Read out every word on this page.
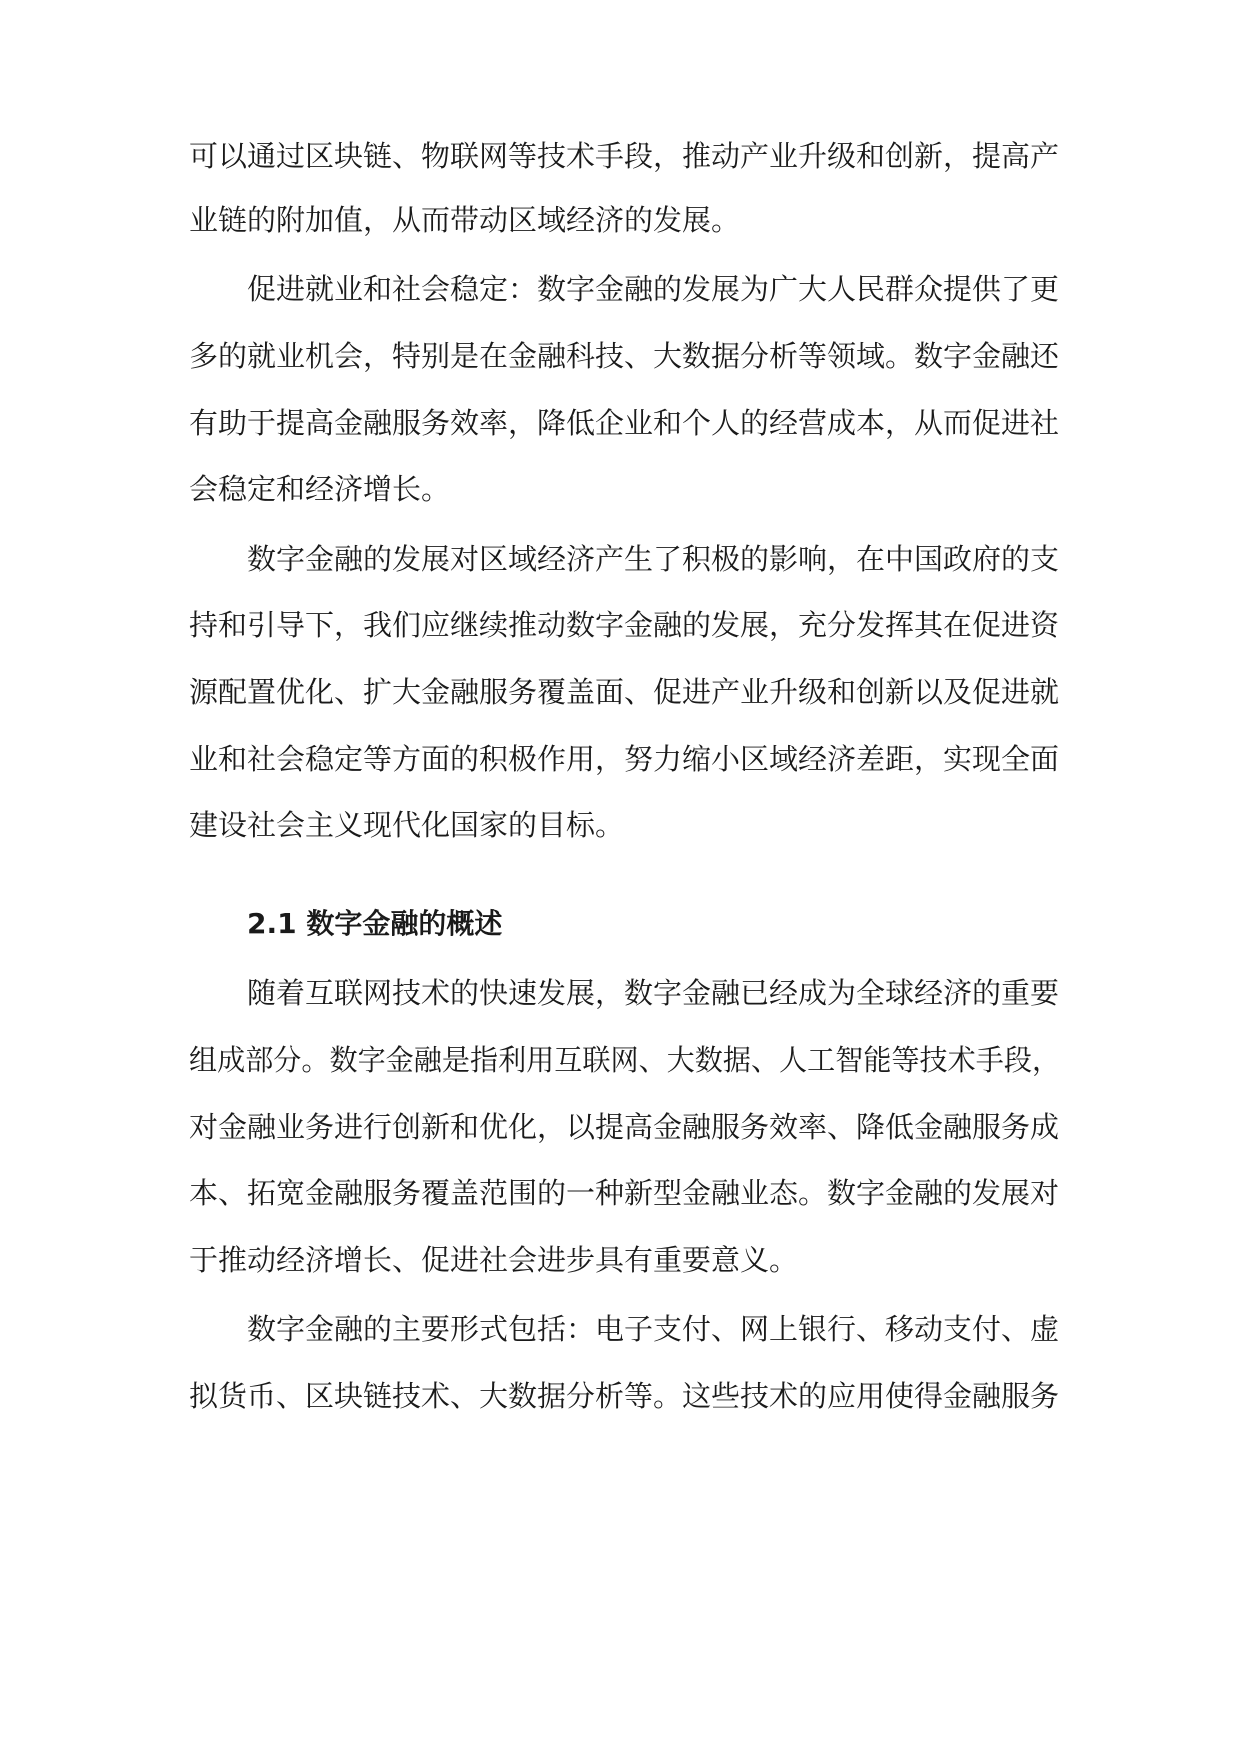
可以通过区块链、物联网等技术手段，推动产业升级和创新，提高产
业链的附加值，从而带动区域经济的发展。
促进就业和社会稳定：数字金融的发展为广大人民群众提供了更
多的就业机会，特别是在金融科技、大数据分析等领域。数字金融还
有助于提高金融服务效率，降低企业和个人的经营成本，从而促进社
会稳定和经济增长。
数字金融的发展对区域经济产生了积极的影响，在中国政府的支
持和引导下，我们应继续推动数字金融的发展，充分发挥其在促进资
源配置优化、扩大金融服务覆盖面、促进产业升级和创新以及促进就
业和社会稳定等方面的积极作用，努力缩小区域经济差距，实现全面
建设社会主义现代化国家的目标。
2.1 数字金融的概述
随着互联网技术的快速发展，数字金融已经成为全球经济的重要
组成部分。数字金融是指利用互联网、大数据、人工智能等技术手段，
对金融业务进行创新和优化，以提高金融服务效率、降低金融服务成
本、拓宽金融服务覆盖范围的一种新型金融业态。数字金融的发展对
于推动经济增长、促进社会进步具有重要意义。
数字金融的主要形式包括：电子支付、网上银行、移动支付、虚
拟货币、区块链技术、大数据分析等。这些技术的应用使得金融服务
